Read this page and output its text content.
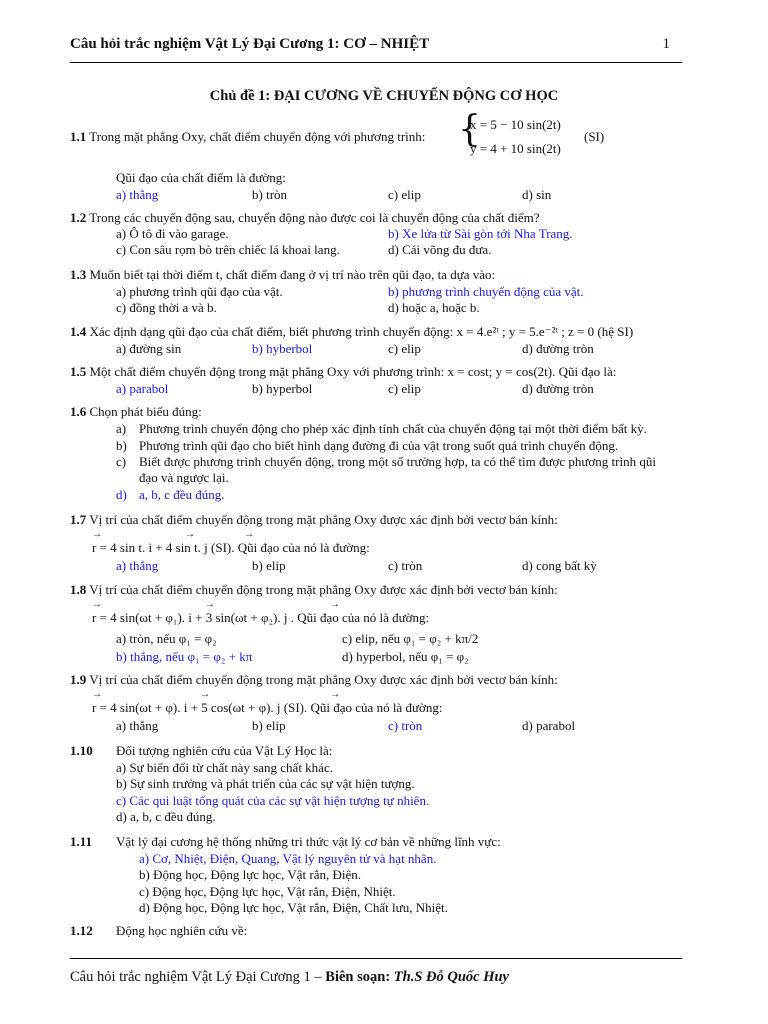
Câu hỏi trắc nghiệm Vật Lý Đại Cương 1: CƠ – NHIỆT	1
Chủ đề 1: ĐẠI CƯƠNG VỀ CHUYỂN ĐỘNG CƠ HỌC
1.1 Trong mặt phẳng Oxy, chất điểm chuyển động với phương trình: {
x = 5 − 10 sin(2t)
y = 4 + 10 sin(2t)
(SI)
Qũi đạo của chất điểm là đường:
a) thẳng	b) tròn	c) elip	d) sin
1.2 Trong các chuyển động sau, chuyển động nào được coi là chuyển động của chất điểm?
a) Ô tô đi vào garage.	b) Xe lửa từ Sài gòn tới Nha Trang.
c) Con sâu rọm bò trên chiếc lá khoai lang.	d) Cái võng đu đưa.
1.3 Muốn biết tại thời điểm t, chất điểm đang ở vị trí nào trên qũi đạo, ta dựa vào:
a) phương trình qũi đạo của vật.	b) phương trình chuyển động của vật.
c) đồng thời a và b.	d) hoặc a, hoặc b.
1.4 Xác định dạng qũi đạo của chất điểm, biết phương trình chuyển động: x = 4.e²ᵗ ; y = 5.e⁻²ᵗ ; z = 0 (hệ SI)
a) đường sin	b) hyberbol	c) elip	d) đường tròn
1.5 Một chất điểm chuyển động trong mặt phẳng Oxy với phương trình: x = cost; y = cos(2t). Qũi đạo là:
a) parabol	b) hyperbol	c) elip	d) đường tròn
1.6 Chọn phát biểu đúng:
a) Phương trình chuyển động cho phép xác định tính chất của chuyển động tại một thời điểm bất kỳ.
b) Phương trình qũi đạo cho biết hình dạng đường đi của vật trong suốt quá trình chuyển động.
c) Biết được phương trình chuyển động, trong một số trường hợp, ta có thể tìm được phương trình qũi
đạo và ngược lại.
d) a, b, c đều đúng.
1.7 Vị trí của chất điểm chuyển động trong mặt phẳng Oxy được xác định bởi vectơ bán kính:
→	→	→
r = 4 sin t. i + 4 sin t. j (SI). Qũi đạo của nó là đường:
a) thẳng	b) elip	c) tròn	d) cong bất kỳ
1.8 Vị trí của chất điểm chuyển động trong mặt phẳng Oxy được xác định bởi vectơ bán kính:
→	→	→
r = 4 sin(ωt + φ₁). i + 3 sin(ωt + φ₂). j . Qũi đạo của nó là đường:
a) tròn, nếu φ₁ = φ₂	c) elip, nếu φ₁ = φ₂ + kπ/2
b) thẳng, nếu φ₁ = φ₂ + kπ	d) hyperbol, nếu φ₁ = φ₂
1.9 Vị trí của chất điểm chuyển động trong mặt phẳng Oxy được xác định bởi vectơ bán kính:
→	→	→
r = 4 sin(ωt + φ). i + 5 cos(ωt + φ). j (SI). Qũi đạo của nó là đường:
a) thẳng	b) elip	c) tròn	d) parabol
1.10 Đối tượng nghiên cứu của Vật Lý Học là:
a) Sự biến đổi từ chất này sang chất khác.
b) Sự sinh trưởng và phát triển của các sự vật hiện tượng.
c) Các qui luật tổng quát của các sự vật hiện tượng tự nhiên.
d) a, b, c đều đúng.
1.11 Vật lý đại cương hệ thống những tri thức vật lý cơ bản về những lĩnh vực:
a) Cơ, Nhiệt, Điện, Quang, Vật lý nguyên tử và hạt nhân.
b) Động học, Động lực học, Vật rắn, Điện.
c) Động học, Động lực học, Vật rắn, Điện, Nhiệt.
d) Động học, Động lực học, Vật rắn, Điện, Chất lưu, Nhiệt.
1.12 Động học nghiên cứu về:
Câu hỏi trắc nghiệm Vật Lý Đại Cương 1 – Biên soạn: Th.S Đỗ Quốc Huy
